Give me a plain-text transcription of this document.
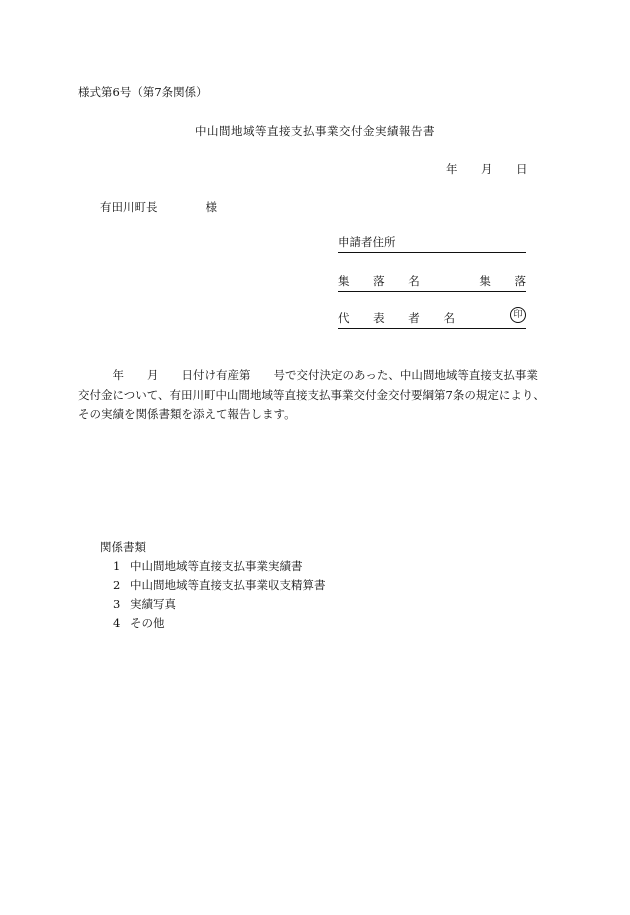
様式第6号（第7条関係）
中山間地域等直接支払事業交付金実績報告書
年 月 日
有田川町長	様
申請者住所
集 落 名	集 落
代 表 者 名	印
　　　年　　月　　日付け有産第　　号で交付決定のあった、中山間地域等直接支払事業
交付金について、有田川町中山間地域等直接支払事業交付金交付要綱第7条の規定により、
その実績を関係書類を添えて報告します。
関係書類
1 中山間地域等直接支払事業実績書
2 中山間地域等直接支払事業収支精算書
3 実績写真
4 その他
